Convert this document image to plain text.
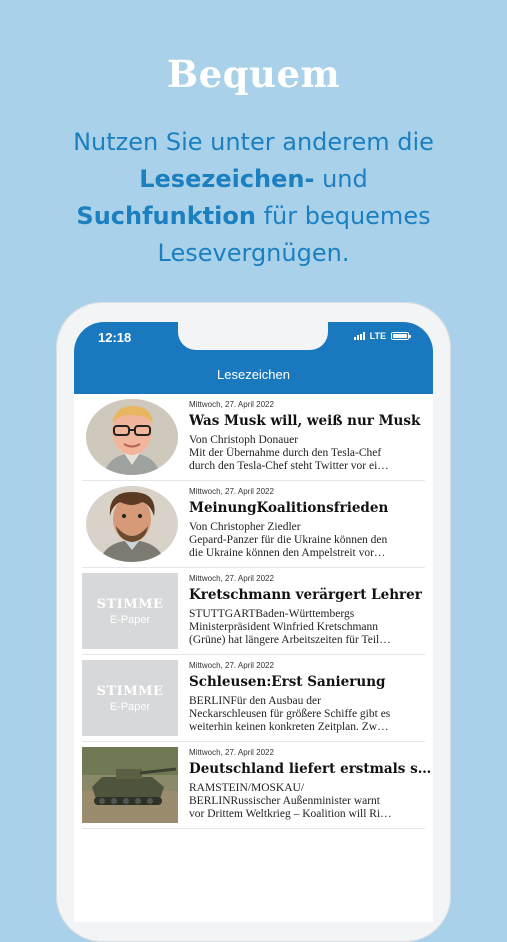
Bequem
Nutzen Sie unter anderem die
Lesezeichen- und
Suchfunktion für bequemes
Lesevergnügen.
12:18	LTE
Lesezeichen
Mittwoch, 27. April 2022
Was Musk will, weiß nur Musk
Von Christoph Donauer
Mit der Übernahme durch den Tesla-Chef
durch den Tesla-Chef steht Twitter vor ei…
Mittwoch, 27. April 2022
MeinungKoalitionsfrieden
Von Christopher Ziedler
Gepard-Panzer für die Ukraine können den
die Ukraine können den Ampelstreit vor…
STIMME
E-Paper
Mittwoch, 27. April 2022
Kretschmann verärgert Lehrer
STUTTGARTBaden-Württembergs
Ministerpräsident Winfried Kretschmann
(Grüne) hat längere Arbeitszeiten für Teil…
STIMME
E-Paper
Mittwoch, 27. April 2022
Schleusen:Erst Sanierung
BERLINFür den Ausbau der
Neckarschleusen für größere Schiffe gibt es
weiterhin keinen konkreten Zeitplan. Zw…
Mittwoch, 27. April 2022
Deutschland liefert erstmals s…
RAMSTEIN/MOSKAU/
BERLINRussischer Außenminister warnt
vor Drittem Weltkrieg – Koalition will Ri…
